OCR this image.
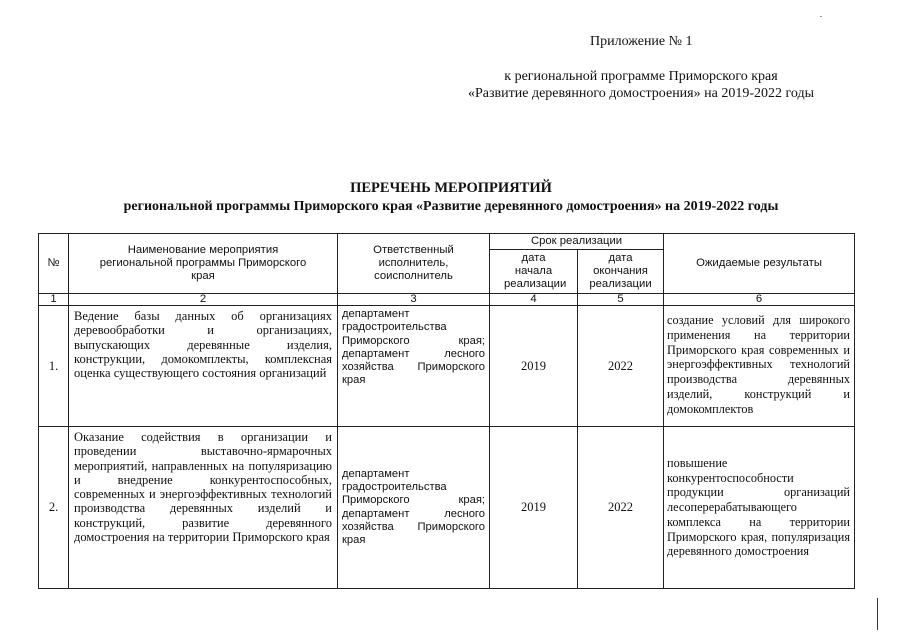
Приложение № 1
к региональной программе Приморского края
«Развитие деревянного домостроения» на 2019-2022 годы
ПЕРЕЧЕНЬ МЕРОПРИЯТИЙ
региональной программы Приморского края «Развитие деревянного домостроения» на 2019-2022 годы
№	Наименование мероприятия региональной программы Приморского края	Ответственный исполнитель, соисполнитель	Срок реализации		Ожидаемые результаты
			дата начала реализации	дата окончания реализации	
1	2	3	4	5	6
1.	Ведение базы данных об организациях деревообработки и организациях, выпускающих деревянные изделия, конструкции, домокомплекты, комплексная оценка существующего состояния организаций	департамент градостроительства Приморского края; департамент лесного хозяйства Приморского края	2019	2022	создание условий для широкого применения на территории Приморского края современных и энергоэффективных технологий производства деревянных изделий, конструкций и домокомплектов
2.	Оказание содействия в организации и проведении выставочно-ярмарочных мероприятий, направленных на популяризацию и внедрение конкурентоспособных, современных и энергоэффективных технологий производства деревянных изделий и конструкций, развитие деревянного домостроения на территории Приморского края	департамент градостроительства Приморского края; департамент лесного хозяйства Приморского края	2019	2022	повышение конкурентоспособности продукции организаций лесоперерабатывающего комплекса на территории Приморского края, популяризация деревянного домостроения
